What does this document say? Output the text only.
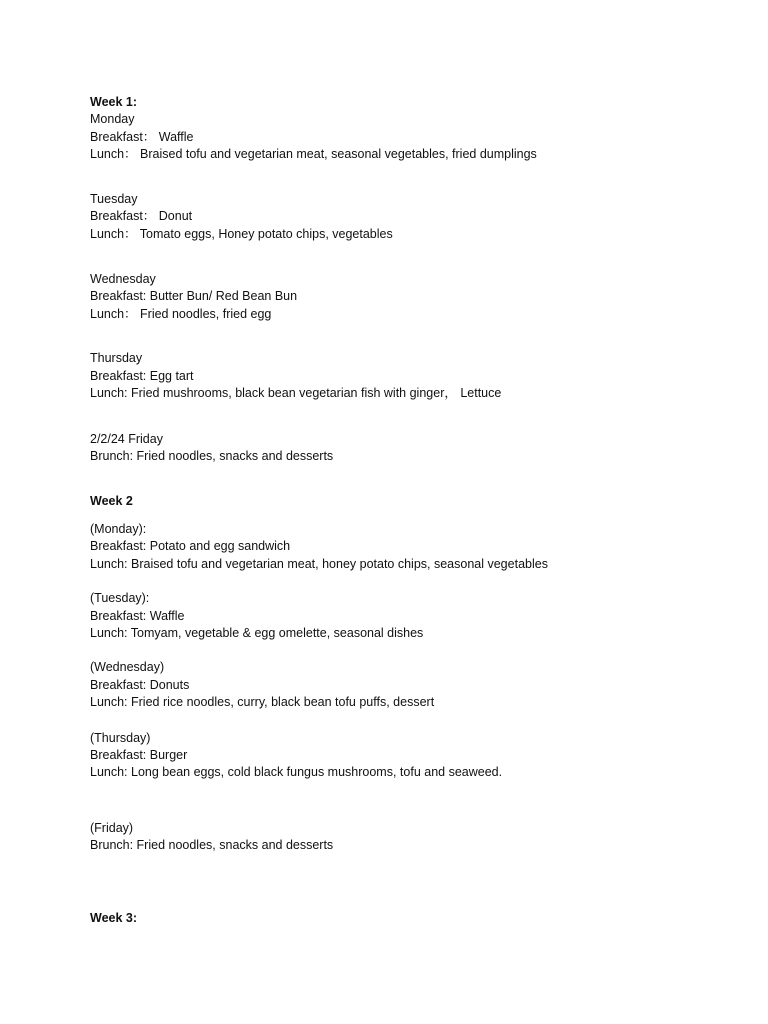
Week 1:
Monday
Breakfast： Waffle
Lunch： Braised tofu and vegetarian meat, seasonal vegetables, fried dumplings
Tuesday
Breakfast： Donut
Lunch： Tomato eggs, Honey potato chips, vegetables
Wednesday
Breakfast: Butter Bun/ Red Bean Bun
Lunch： Fried noodles, fried egg
Thursday
Breakfast: Egg tart
Lunch: Fried mushrooms, black bean vegetarian fish with ginger， Lettuce
2/2/24 Friday
Brunch: Fried noodles, snacks and desserts
Week 2
(Monday):
Breakfast: Potato and egg sandwich
Lunch: Braised tofu and vegetarian meat, honey potato chips, seasonal vegetables
(Tuesday):
Breakfast: Waffle
Lunch: Tomyam, vegetable & egg omelette, seasonal dishes
(Wednesday)
Breakfast: Donuts
Lunch: Fried rice noodles, curry, black bean tofu puffs, dessert
(Thursday)
Breakfast: Burger
Lunch: Long bean eggs, cold black fungus mushrooms, tofu and seaweed.
(Friday)
Brunch: Fried noodles, snacks and desserts
Week 3:
